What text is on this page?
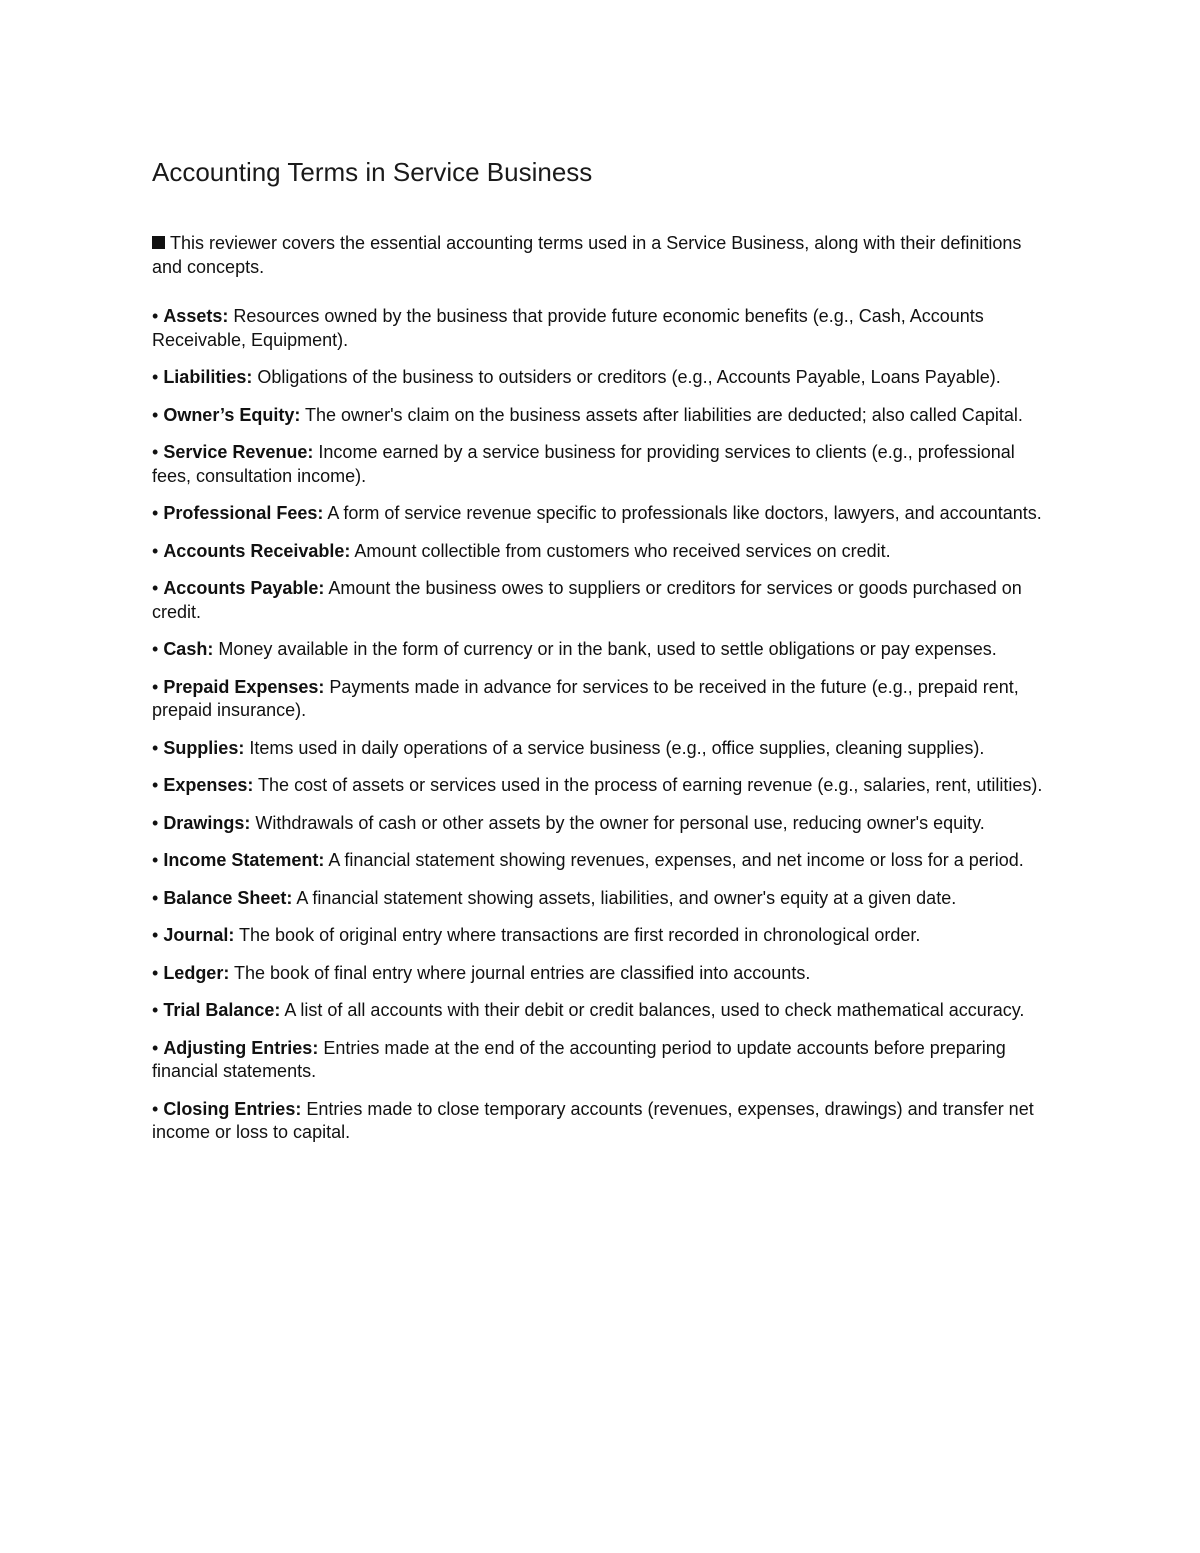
Accounting Terms in Service Business

This reviewer covers the essential accounting terms used in a Service Business, along with their definitions and concepts.

• Assets: Resources owned by the business that provide future economic benefits (e.g., Cash, Accounts Receivable, Equipment).
• Liabilities: Obligations of the business to outsiders or creditors (e.g., Accounts Payable, Loans Payable).
• Owner’s Equity: The owner's claim on the business assets after liabilities are deducted; also called Capital.
• Service Revenue: Income earned by a service business for providing services to clients (e.g., professional fees, consultation income).
• Professional Fees: A form of service revenue specific to professionals like doctors, lawyers, and accountants.
• Accounts Receivable: Amount collectible from customers who received services on credit.
• Accounts Payable: Amount the business owes to suppliers or creditors for services or goods purchased on credit.
• Cash: Money available in the form of currency or in the bank, used to settle obligations or pay expenses.
• Prepaid Expenses: Payments made in advance for services to be received in the future (e.g., prepaid rent, prepaid insurance).
• Supplies: Items used in daily operations of a service business (e.g., office supplies, cleaning supplies).
• Expenses: The cost of assets or services used in the process of earning revenue (e.g., salaries, rent, utilities).
• Drawings: Withdrawals of cash or other assets by the owner for personal use, reducing owner's equity.
• Income Statement: A financial statement showing revenues, expenses, and net income or loss for a period.
• Balance Sheet: A financial statement showing assets, liabilities, and owner's equity at a given date.
• Journal: The book of original entry where transactions are first recorded in chronological order.
• Ledger: The book of final entry where journal entries are classified into accounts.
• Trial Balance: A list of all accounts with their debit or credit balances, used to check mathematical accuracy.
• Adjusting Entries: Entries made at the end of the accounting period to update accounts before preparing financial statements.
• Closing Entries: Entries made to close temporary accounts (revenues, expenses, drawings) and transfer net income or loss to capital.
